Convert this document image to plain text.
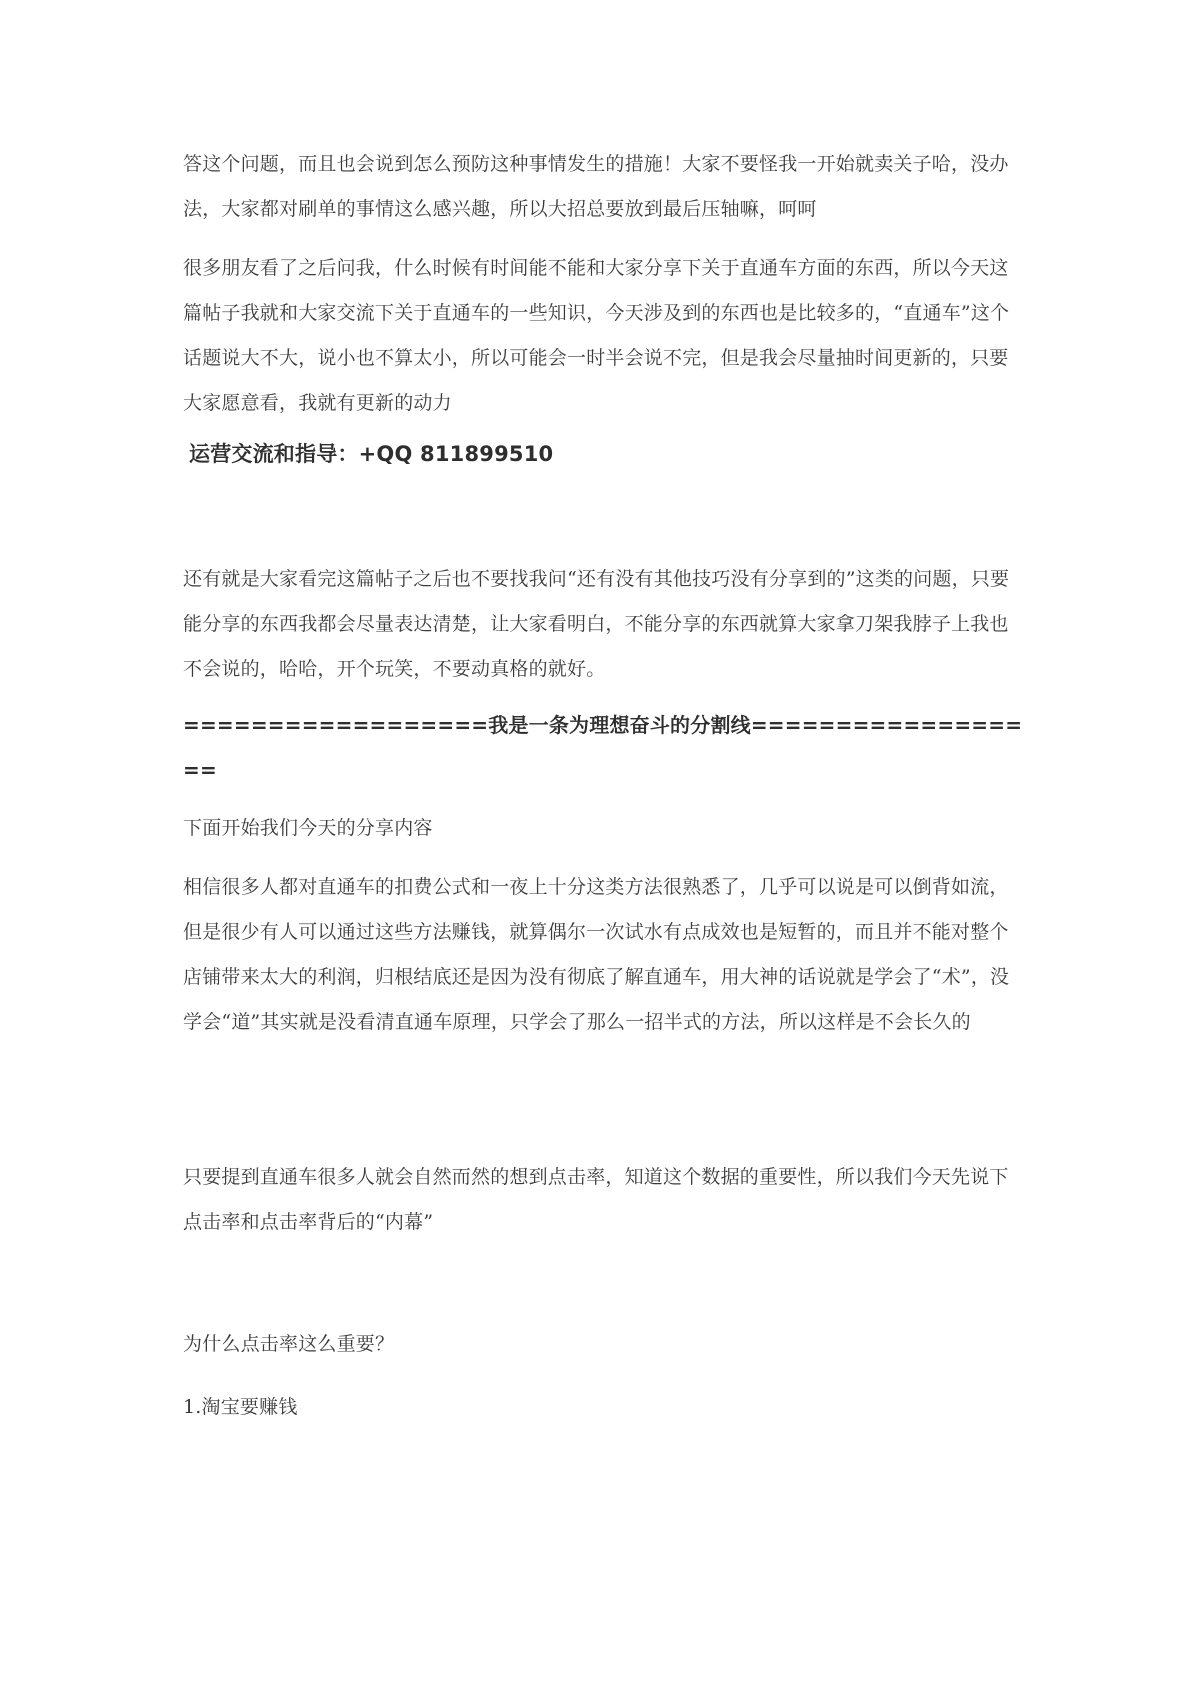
答这个问题，而且也会说到怎么预防这种事情发生的措施！大家不要怪我一开始就卖关子哈，没办法，大家都对刷单的事情这么感兴趣，所以大招总要放到最后压轴嘛，呵呵

很多朋友看了之后问我，什么时候有时间能不能和大家分享下关于直通车方面的东西，所以今天这篇帖子我就和大家交流下关于直通车的一些知识，今天涉及到的东西也是比较多的，“直通车”这个话题说大不大，说小也不算太小，所以可能会一时半会说不完，但是我会尽量抽时间更新的，只要大家愿意看，我就有更新的动力

运营交流和指导：+QQ 811899510

还有就是大家看完这篇帖子之后也不要找我问“还有没有其他技巧没有分享到的”这类的问题，只要能分享的东西我都会尽量表达清楚，让大家看明白，不能分享的东西就算大家拿刀架我脖子上我也不会说的，哈哈，开个玩笑，不要动真格的就好。

==================我是一条为理想奋斗的分割线==================

下面开始我们今天的分享内容

相信很多人都对直通车的扣费公式和一夜上十分这类方法很熟悉了，几乎可以说是可以倒背如流，但是很少有人可以通过这些方法赚钱，就算偶尔一次试水有点成效也是短暂的，而且并不能对整个店铺带来太大的利润，归根结底还是因为没有彻底了解直通车，用大神的话说就是学会了“术”，没学会“道”其实就是没看清直通车原理，只学会了那么一招半式的方法，所以这样是不会长久的

只要提到直通车很多人就会自然而然的想到点击率，知道这个数据的重要性，所以我们今天先说下点击率和点击率背后的“内幕”

为什么点击率这么重要？

1.淘宝要赚钱
